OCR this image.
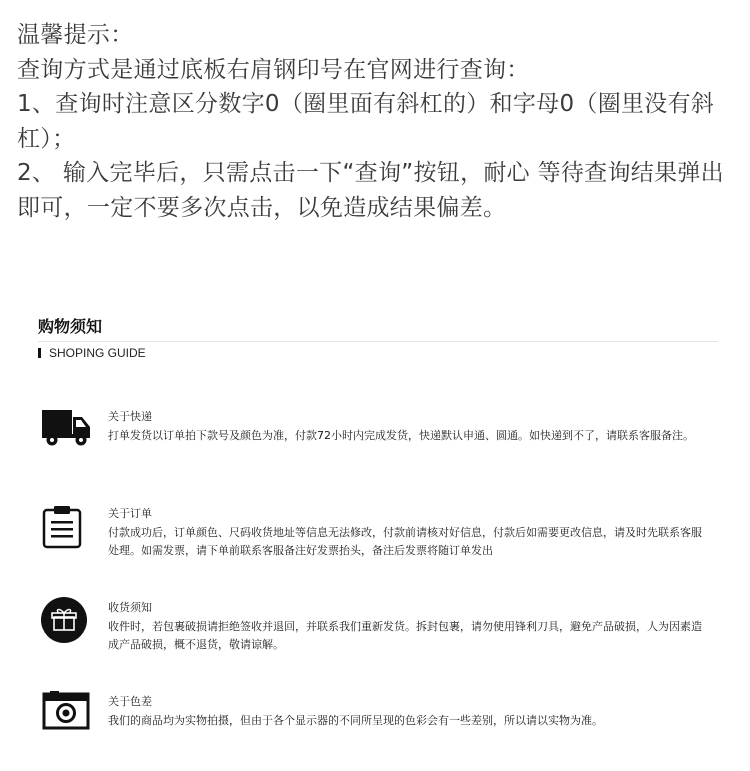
温馨提示：

查询方式是通过底板右肩钢印号在官网进行查询：

1、查询时注意区分数字0（圈里面有斜杠的）和字母0（圈里没有斜杠）；

2、 输入完毕后，只需点击一下“查询”按钮，耐心 等待查询结果弹出即可，一定不要多次点击，以免造成结果偏差。

购物须知

SHOPING GUIDE
关于快递
打单发货以订单拍下款号及颜色为准，付款72小时内完成发货，快递默认申通、圆通。如快递到不了，请联系客服备注。
关于订单
付款成功后，订单颜色、尺码收货地址等信息无法修改，付款前请核对好信息，付款后如需要更改信息，请及时先联系客服处理。如需发票，请下单前联系客服备注好发票抬头，备注后发票将随订单发出
收货须知
收件时，若包裹破损请拒绝签收并退回，并联系我们重新发货。拆封包裹，请勿使用锋利刀具，避免产品破损，人为因素造成产品破损，概不退货，敬请谅解。
关于色差
我们的商品均为实物拍摄，但由于各个显示器的不同所呈现的色彩会有一些差别，所以请以实物为准。
